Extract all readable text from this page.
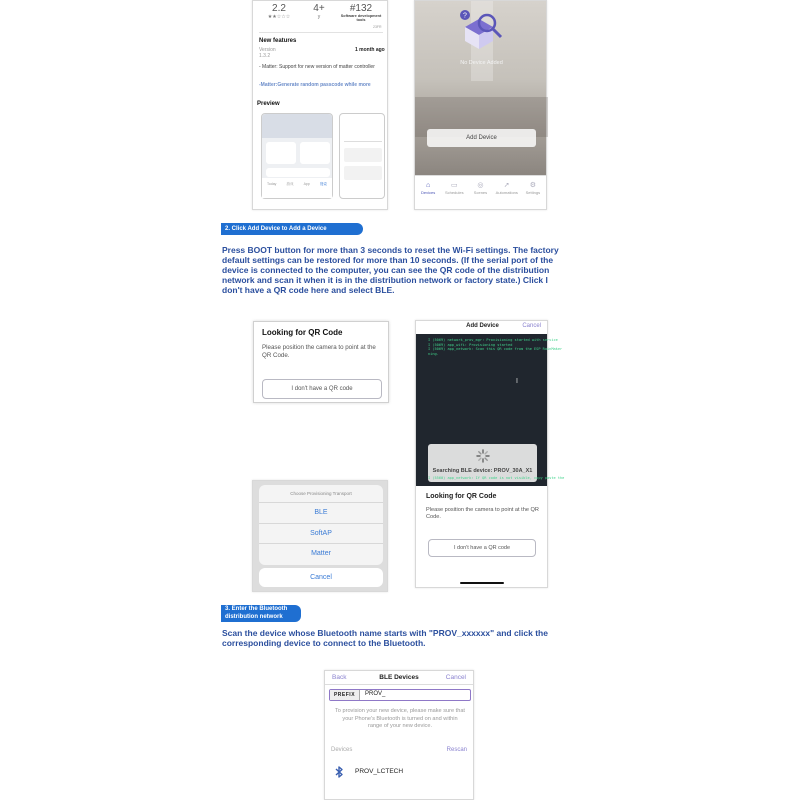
2.2
★★☆☆☆
4+
y
#132
Software development tools
23FR
New features
Version
1.3.2
1 month ago
- Matter: Support for new version of matter controller
-Matter:Generate random passcode while more
Preview
Today	游戏	App	搜索
?
No Device Added
Add Device
⌂
Devices
▭
Schedules
◎
Scenes
➚
Automations
⚙
Settings
2. Click Add Device to Add a Device
Press BOOT button for more than 3 seconds to reset the Wi-Fi settings. The factory default settings can be restored for more than 10 seconds. (If the serial port of the device is connected to the computer, you can see the QR code of the distribution network and scan it when it is in the distribution network or factory state.) Click I don't have a QR code here and select BLE.
Looking for QR Code
Please position the camera to point at the QR Code.
I don't have a QR code
Add Device	Cancel
I (5069) network_prov_mgr: Provisioning started with service
I (5069) app_wifi: Provisioning started
I (5069) app_network: Scan this QR code from the ESP RainMaker
ning.
I
Searching BLE device: PROV_30A_X1
I (5560) app_network: If QR code is not visible, copy paste the
Looking for QR Code
Please position the camera to point at the QR Code.
I don't have a QR code
Choose Provisioning Transport
BLE
SoftAP
Matter
Cancel
3. Enter the Bluetooth
distribution network
Scan the device whose Bluetooth name starts with "PROV_xxxxxx" and click the corresponding device to connect to the Bluetooth.
Back	BLE Devices	Cancel
PREFIX	PROV_
To provision your new device, please make sure that your Phone's Bluetooth is turned on and within range of your new device.
Devices	Rescan
PROV_LCTECH
